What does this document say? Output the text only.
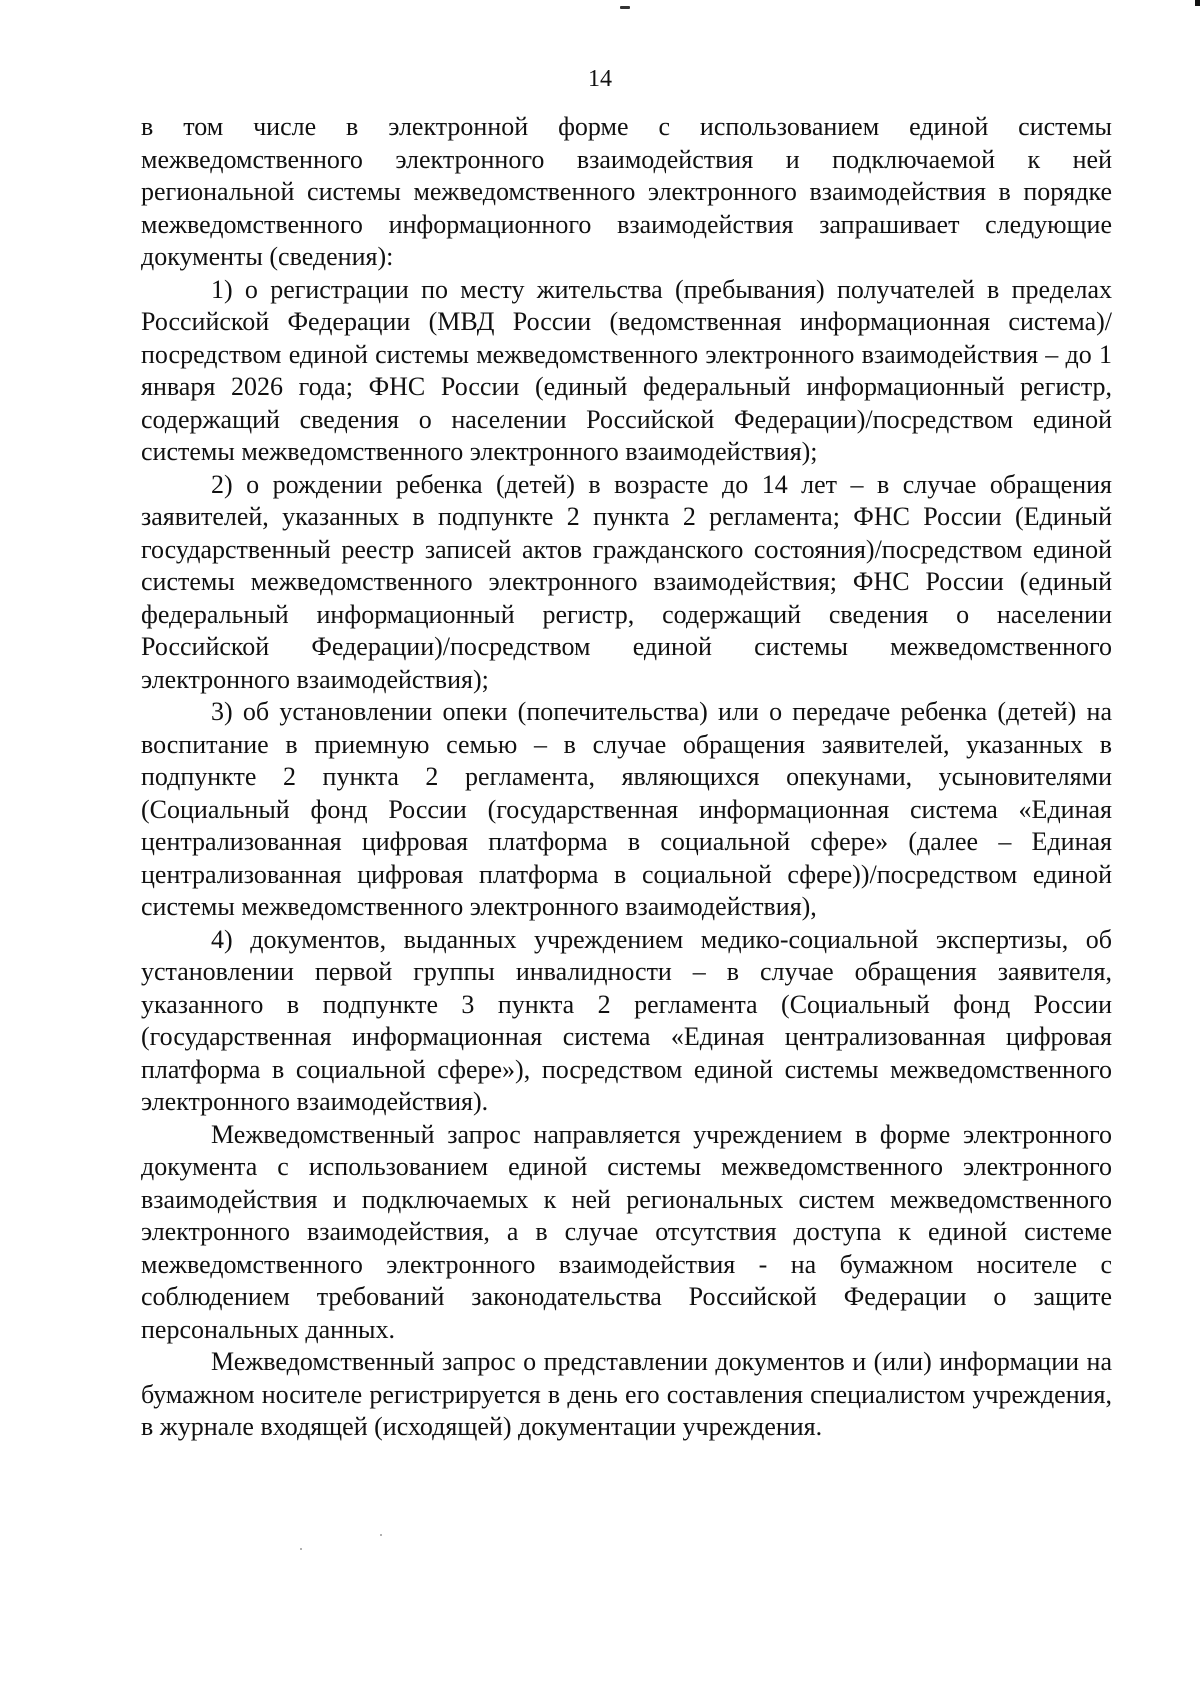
14

в том числе в электронной форме с использованием единой системы межведомственного электронного взаимодействия и подключаемой к ней региональной системы межведомственного электронного взаимодействия в порядке межведомственного информационного взаимодействия запрашивает следующие документы (сведения):

1) о регистрации по месту жительства (пребывания) получателей в пределах Российской Федерации (МВД России (ведомственная информационная система)/посредством единой системы межведомственного электронного взаимодействия – до 1 января 2026 года; ФНС России (единый федеральный информационный регистр, содержащий сведения о населении Российской Федерации)/посредством единой системы межведомственного электронного взаимодействия);

2) о рождении ребенка (детей) в возрасте до 14 лет – в случае обращения заявителей, указанных в подпункте 2 пункта 2 регламента; ФНС России (Единый государственный реестр записей актов гражданского состояния)/посредством единой системы межведомственного электронного взаимодействия; ФНС России (единый федеральный информационный регистр, содержащий сведения о населении Российской Федерации)/посредством единой системы межведомственного электронного взаимодействия);

3) об установлении опеки (попечительства) или о передаче ребенка (детей) на воспитание в приемную семью – в случае обращения заявителей, указанных в подпункте 2 пункта 2 регламента, являющихся опекунами, усыновителями (Социальный фонд России (государственная информационная система «Единая централизованная цифровая платформа в социальной сфере» (далее – Единая централизованная цифровая платформа в социальной сфере))/посредством единой системы межведомственного электронного взаимодействия),

4) документов, выданных учреждением медико-социальной экспертизы, об установлении первой группы инвалидности – в случае обращения заявителя, указанного в подпункте 3 пункта 2 регламента (Социальный фонд России (государственная информационная система «Единая централизованная цифровая платформа в социальной сфере»), посредством единой системы межведомственного электронного взаимодействия).

Межведомственный запрос направляется учреждением в форме электронного документа с использованием единой системы межведомственного электронного взаимодействия и подключаемых к ней региональных систем межведомственного электронного взаимодействия, а в случае отсутствия доступа к единой системе межведомственного электронного взаимодействия - на бумажном носителе с соблюдением требований законодательства Российской Федерации о защите персональных данных.

Межведомственный запрос о представлении документов и (или) информации на бумажном носителе регистрируется в день его составления специалистом учреждения, в журнале входящей (исходящей) документации учреждения.
